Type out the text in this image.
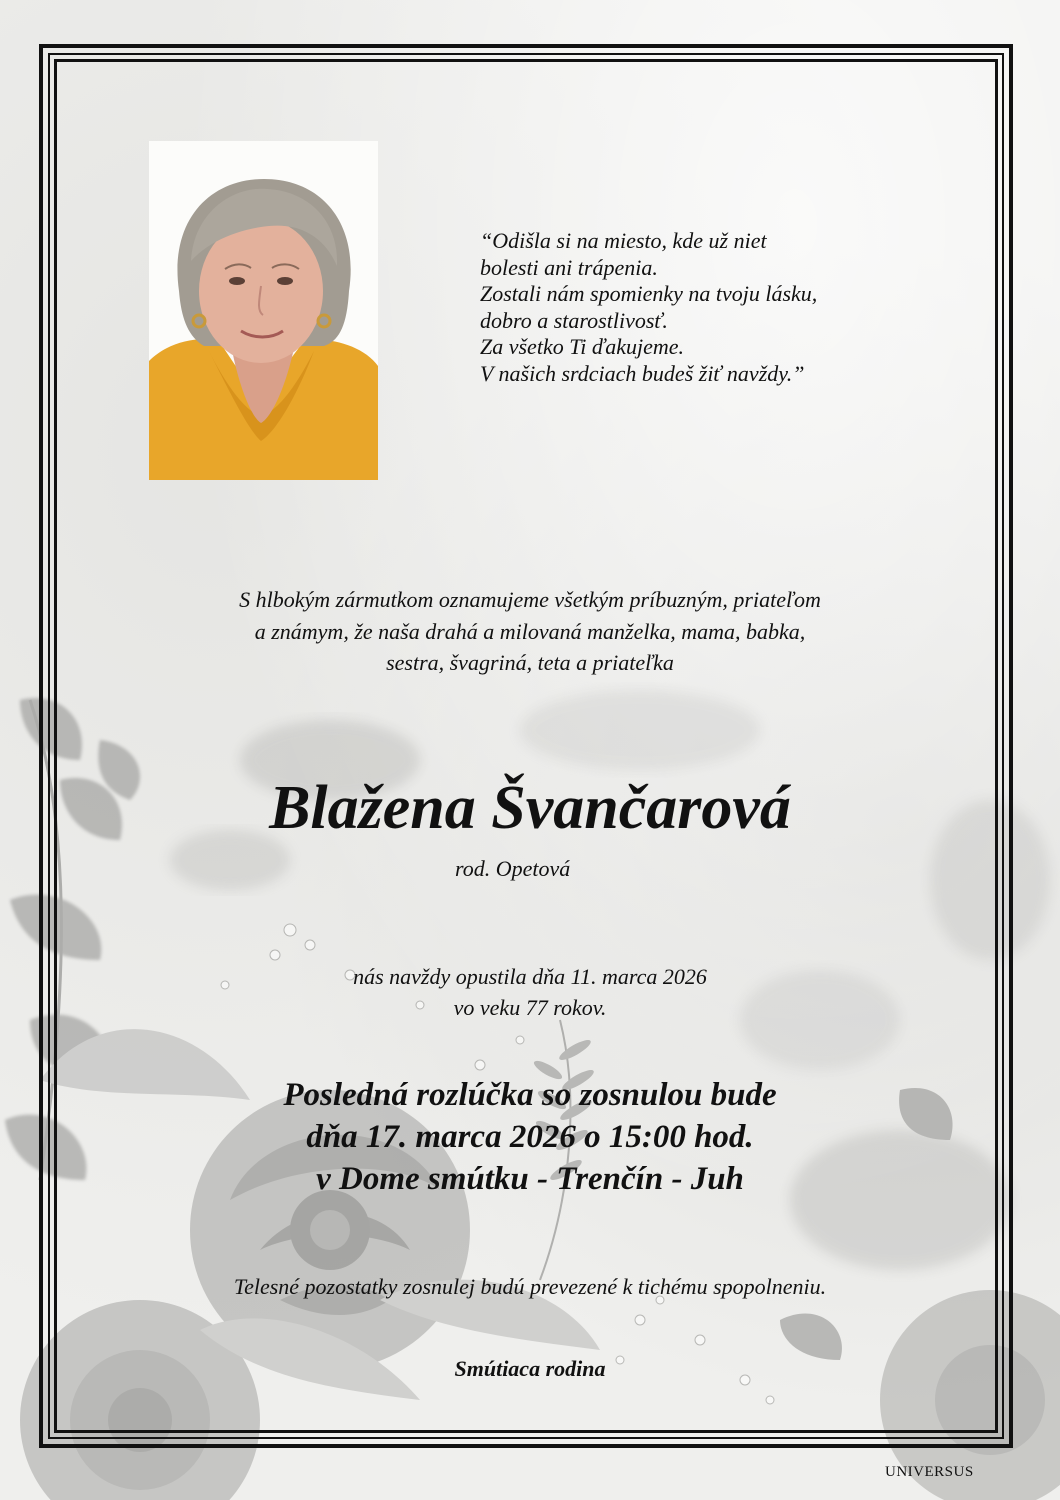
“Odišla si na miesto, kde už niet
bolesti ani trápenia.
Zostali nám spomienky na tvoju lásku,
dobro a starostlivosť.
Za všetko Ti ďakujeme.
V našich srdciach budeš žiť navždy.”
S hlbokým zármutkom oznamujeme všetkým príbuzným, priateľom
a známym, že naša drahá a milovaná manželka, mama, babka,
sestra, švagriná, teta a priateľka
Blažena Švančarová
rod. Opetová
nás navždy opustila dňa 11. marca 2026
vo veku 77 rokov.
Posledná rozlúčka so zosnulou bude
dňa 17. marca 2026 o 15:00 hod.
v Dome smútku - Trenčín - Juh
Telesné pozostatky zosnulej budú prevezené k tichému spopolneniu.
Smútiaca rodina
UNIVERSUS
